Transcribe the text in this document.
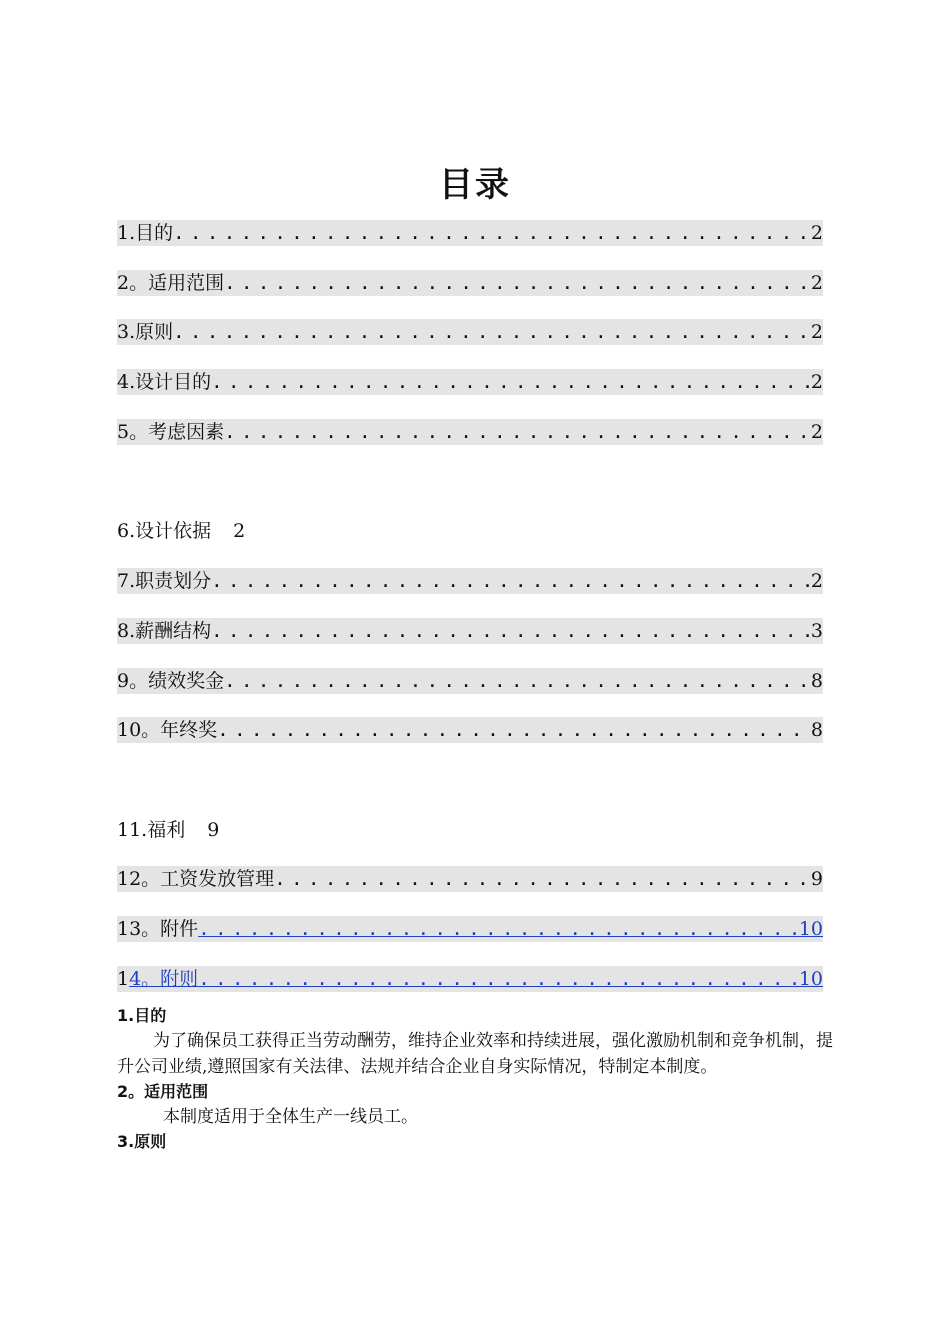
目录
1.目的 . . .	2
2。适用范围 . . .	2
3.原则 . . .	2
4.设计目的 . . .	2
5。考虑因素 . . .	2
6.设计依据 2
7.职责划分 . . .	2
8.薪酬结构 . . .	3
9。绩效奖金 . . .	8
10。年终奖 . . .	8
11.福利 9
12。工资发放管理 . . .	9
13。附件 . . .	10
14。附则 . . .	10
1.目的
为了确保员工获得正当劳动酬劳，维持企业效率和持续进展，强化激励机制和竞争机制，提升公司业绩,遵照国家有关法律、法规并结合企业自身实际情况，特制定本制度。
2。适用范围
本制度适用于全体生产一线员工。
3.原则
